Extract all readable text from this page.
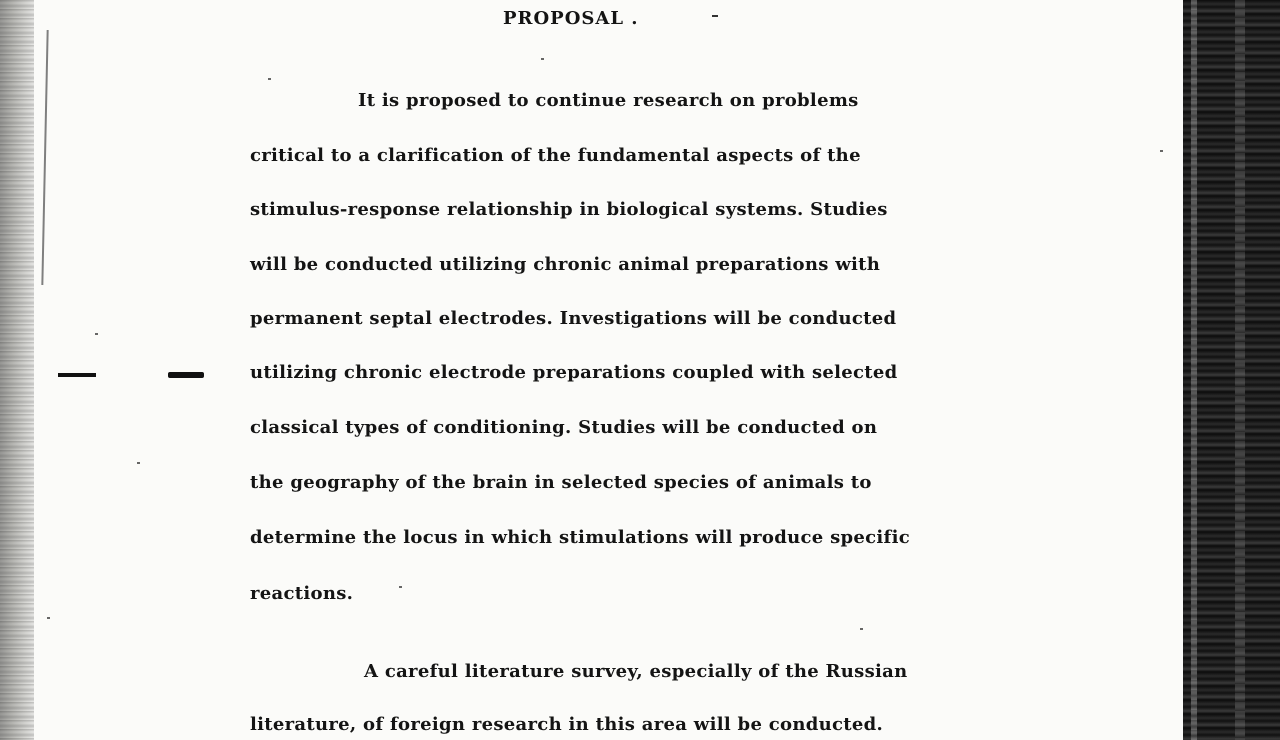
PROPOSAL .
It is proposed to continue research on problems
critical to a clarification of the fundamental aspects of the
stimulus-response relationship in biological systems. Studies
will be conducted utilizing chronic animal preparations with
permanent septal electrodes. Investigations will be conducted
utilizing chronic electrode preparations coupled with selected
classical types of conditioning. Studies will be conducted on
the geography of the brain in selected species of animals to
determine the locus in which stimulations will produce specific
reactions.
A careful literature survey, especially of the Russian
literature, of foreign research in this area will be conducted.
